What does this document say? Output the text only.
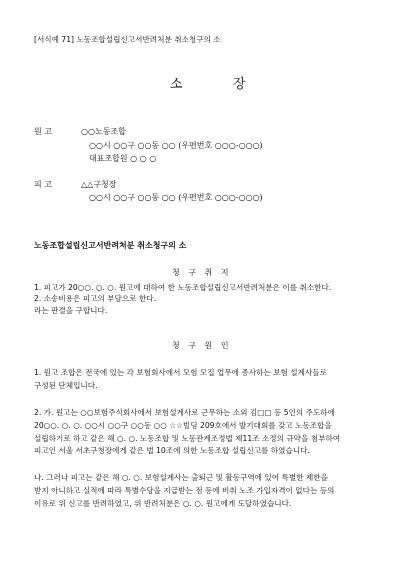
[서식예 71] 노동조합설립신고서반려처분 취소청구의 소
소	장
원 고	○○노동조합
○○시 ○○구 ○○동 ○○ (우편번호 ○○○-○○○)
대표조합원 ○ ○ ○
피 고	△△구청장
○○시 ○○구 ○○동 ○○ (우편번호 ○○○-○○○)
노동조합설립신고서반려처분 취소청구의 소
청 구 취 지
1. 피고가 20○○. ○. ○. 원고에 대하여 한 노동조합설립신고서반려처분은 이를 취소한다.
2. 소송비용은 피고의 부담으로 한다.
라는 판결을 구합니다.
청 구 원 인
1. 원고 조합은 전국에 있는 각 보험회사에서 모험 모집 업무에 종사하는 보험 설계사들로
구성된 단체입니다.
2. 가. 원고는 ○○보험주식회사에서 보험설계사로 근무하는 소외 김□□ 등 5인의 주도하에
20○○. ○. ○. ○○시 ○○구 ○○동 ○○ ☆☆빌딩 209호에서 발기대회를 갖고 노동조합을
설립하기로 하고 같은 해 ○. ○. 노동조합 및 노동관계조정법 제11조 소정의 규약을 첨부하여
피고인 서울 서초구청장에게 같은 법 10조에 의한 노동조합 설립신고를 하였습니다.
나. 그러나 피고는 같은 해 ○. ○. 보험설계사는 출퇴근 및 활동구역에 있어 특별한 제한을
받지 아니하고 실적에 따라 특별수당을 지급받는 점 등에 비춰 노조 가입자격이 없다는 등의
이유로 위 신고를 반려하였고, 위 반려처분은 ○. ○. 원고에게 도달하였습니다.
